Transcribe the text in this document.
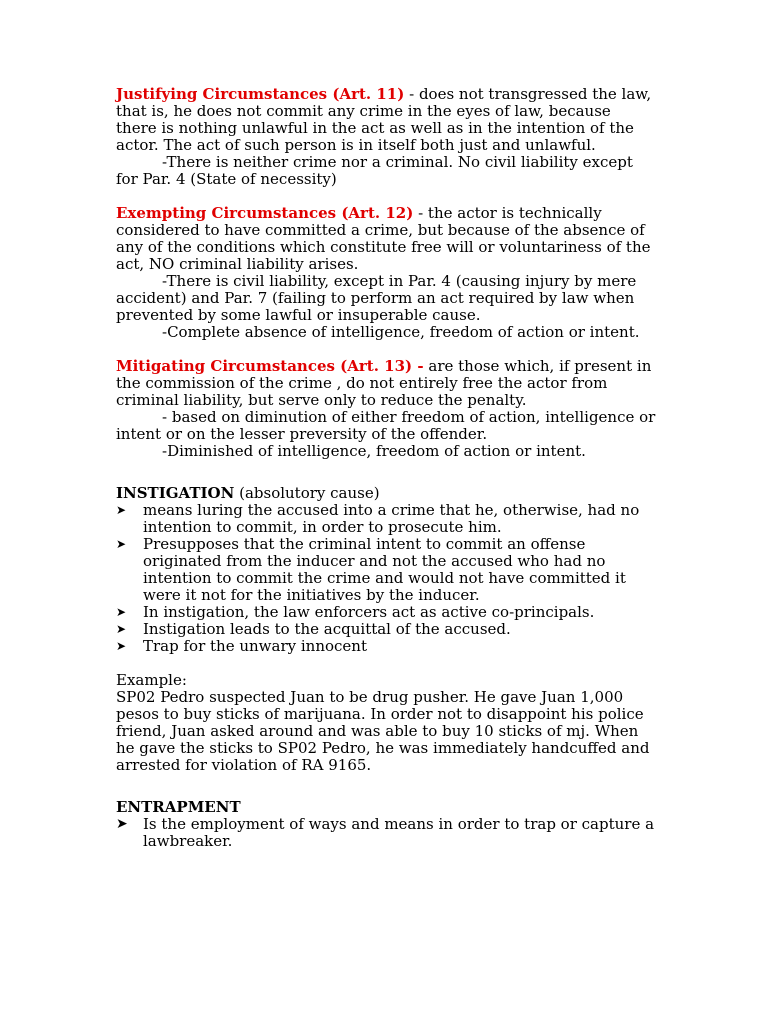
Justifying Circumstances (Art. 11) - does not transgressed the law, that is, he does not commit any crime in the eyes of law, because there is nothing unlawful in the act as well as in the intention of the actor. The act of such person is in itself both just and unlawful.

-There is neither crime nor a criminal. No civil liability except for Par. 4 (State of necessity)

Exempting Circumstances (Art. 12) - the actor is technically considered to have committed a crime, but because of the absence of any of the conditions which constitute free will or voluntariness of the act, NO criminal liability arises.

-There is civil liability, except in Par. 4 (causing injury by mere accident) and Par. 7 (failing to perform an act required by law when prevented by some lawful or insuperable cause.

-Complete absence of intelligence, freedom of action or intent.

Mitigating Circumstances (Art. 13) - are those which, if present in the commission of the crime , do not entirely free the actor from criminal liability, but serve only to reduce the penalty.

- based on diminution of either freedom of action, intelligence or intent or on the lesser preversity of the offender.

-Diminished of intelligence, freedom of action or intent.

INSTIGATION (absolutory cause)

➤ means luring the accused into a crime that he, otherwise, had no intention to commit, in order to prosecute him.
➤ Presupposes that the criminal intent to commit an offense originated from the inducer and not the accused who had no intention to commit the crime and would not have committed it were it not for the initiatives by the inducer.
➤ In instigation, the law enforcers act as active co-principals.
➤ Instigation leads to the acquittal of the accused.
➤ Trap for the unwary innocent

Example:

SP02 Pedro suspected Juan to be drug pusher. He gave Juan 1,000 pesos to buy sticks of marijuana. In order not to disappoint his police friend, Juan asked around and was able to buy 10 sticks of mj. When he gave the sticks to SP02 Pedro, he was immediately handcuffed and arrested for violation of RA 9165.

ENTRAPMENT

➤ Is the employment of ways and means in order to trap or capture a lawbreaker.
